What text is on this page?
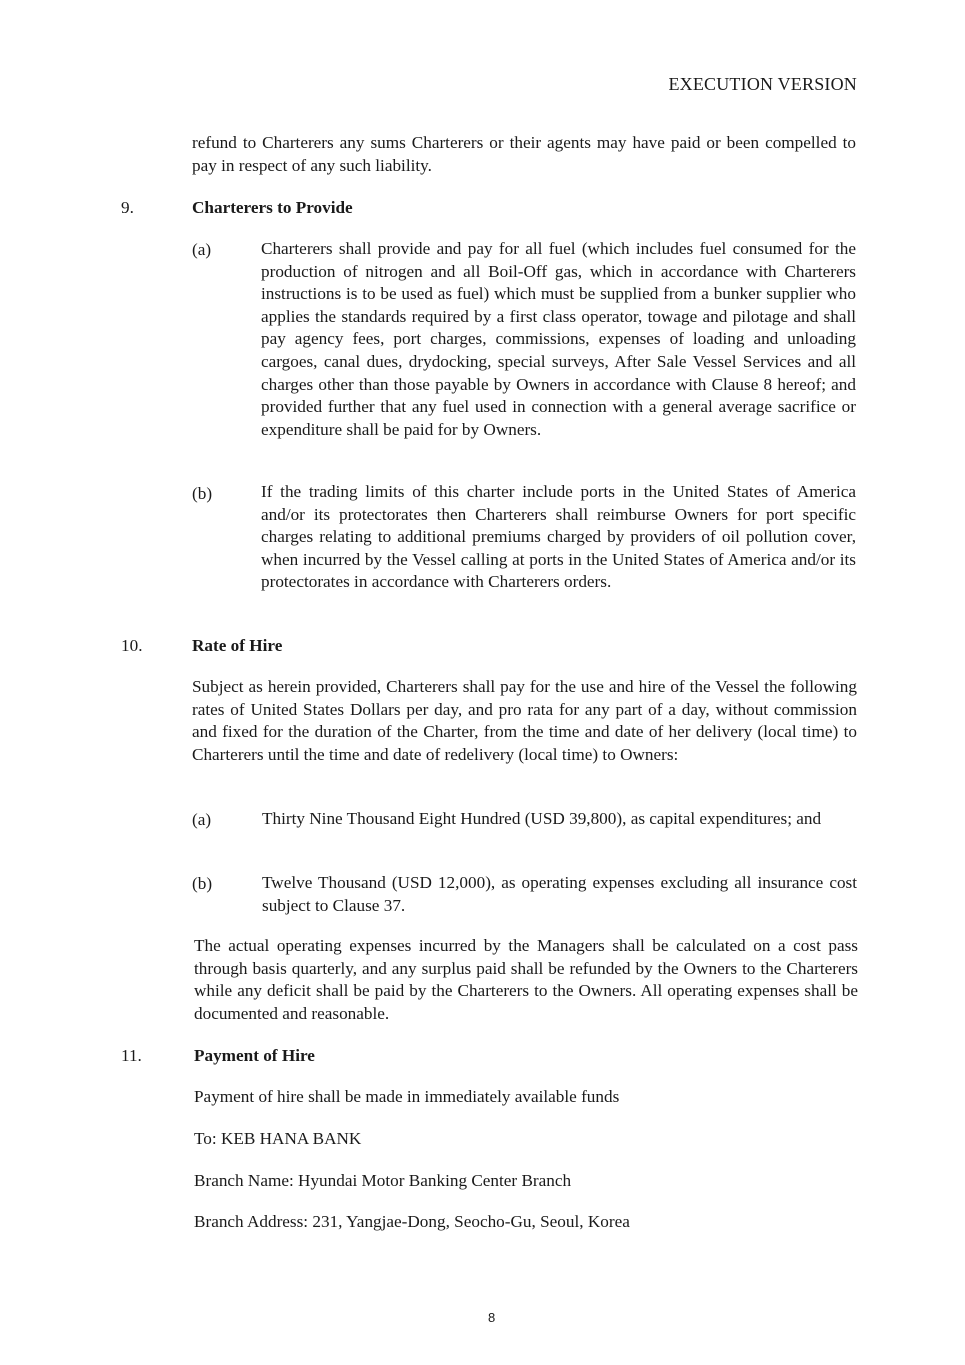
EXECUTION VERSION
refund to Charterers any sums Charterers or their agents may have paid or been compelled to pay in respect of any such liability.
9.	Charterers to Provide
(a)	Charterers shall provide and pay for all fuel (which includes fuel consumed for the production of nitrogen and all Boil-Off gas, which in accordance with Charterers instructions is to be used as fuel) which must be supplied from a bunker supplier who applies the standards required by a first class operator, towage and pilotage and shall pay agency fees, port charges, commissions, expenses of loading and unloading cargoes, canal dues, drydocking, special surveys, After Sale Vessel Services and all charges other than those payable by Owners in accordance with Clause 8 hereof; and provided further that any fuel used in connection with a general average sacrifice or expenditure shall be paid for by Owners.
(b)	If the trading limits of this charter include ports in the United States of America and/or its protectorates then Charterers shall reimburse Owners for port specific charges relating to additional premiums charged by providers of oil pollution cover, when incurred by the Vessel calling at ports in the United States of America and/or its protectorates in accordance with Charterers orders.
10.	Rate of Hire
Subject as herein provided, Charterers shall pay for the use and hire of the Vessel the following rates of United States Dollars per day, and pro rata for any part of a day, without commission and fixed for the duration of the Charter, from the time and date of her delivery (local time) to Charterers until the time and date of redelivery (local time) to Owners:
(a)	Thirty Nine Thousand Eight Hundred (USD 39,800), as capital expenditures; and
(b)	Twelve Thousand (USD 12,000), as operating expenses excluding all insurance cost subject to Clause 37.
The actual operating expenses incurred by the Managers shall be calculated on a cost pass through basis quarterly, and any surplus paid shall be refunded by the Owners to the Charterers while any deficit shall be paid by the Charterers to the Owners. All operating expenses shall be documented and reasonable.
11.	Payment of Hire
Payment of hire shall be made in immediately available funds
To: KEB HANA BANK
Branch Name: Hyundai Motor Banking Center Branch
Branch Address: 231, Yangjae-Dong, Seocho-Gu, Seoul, Korea
8
